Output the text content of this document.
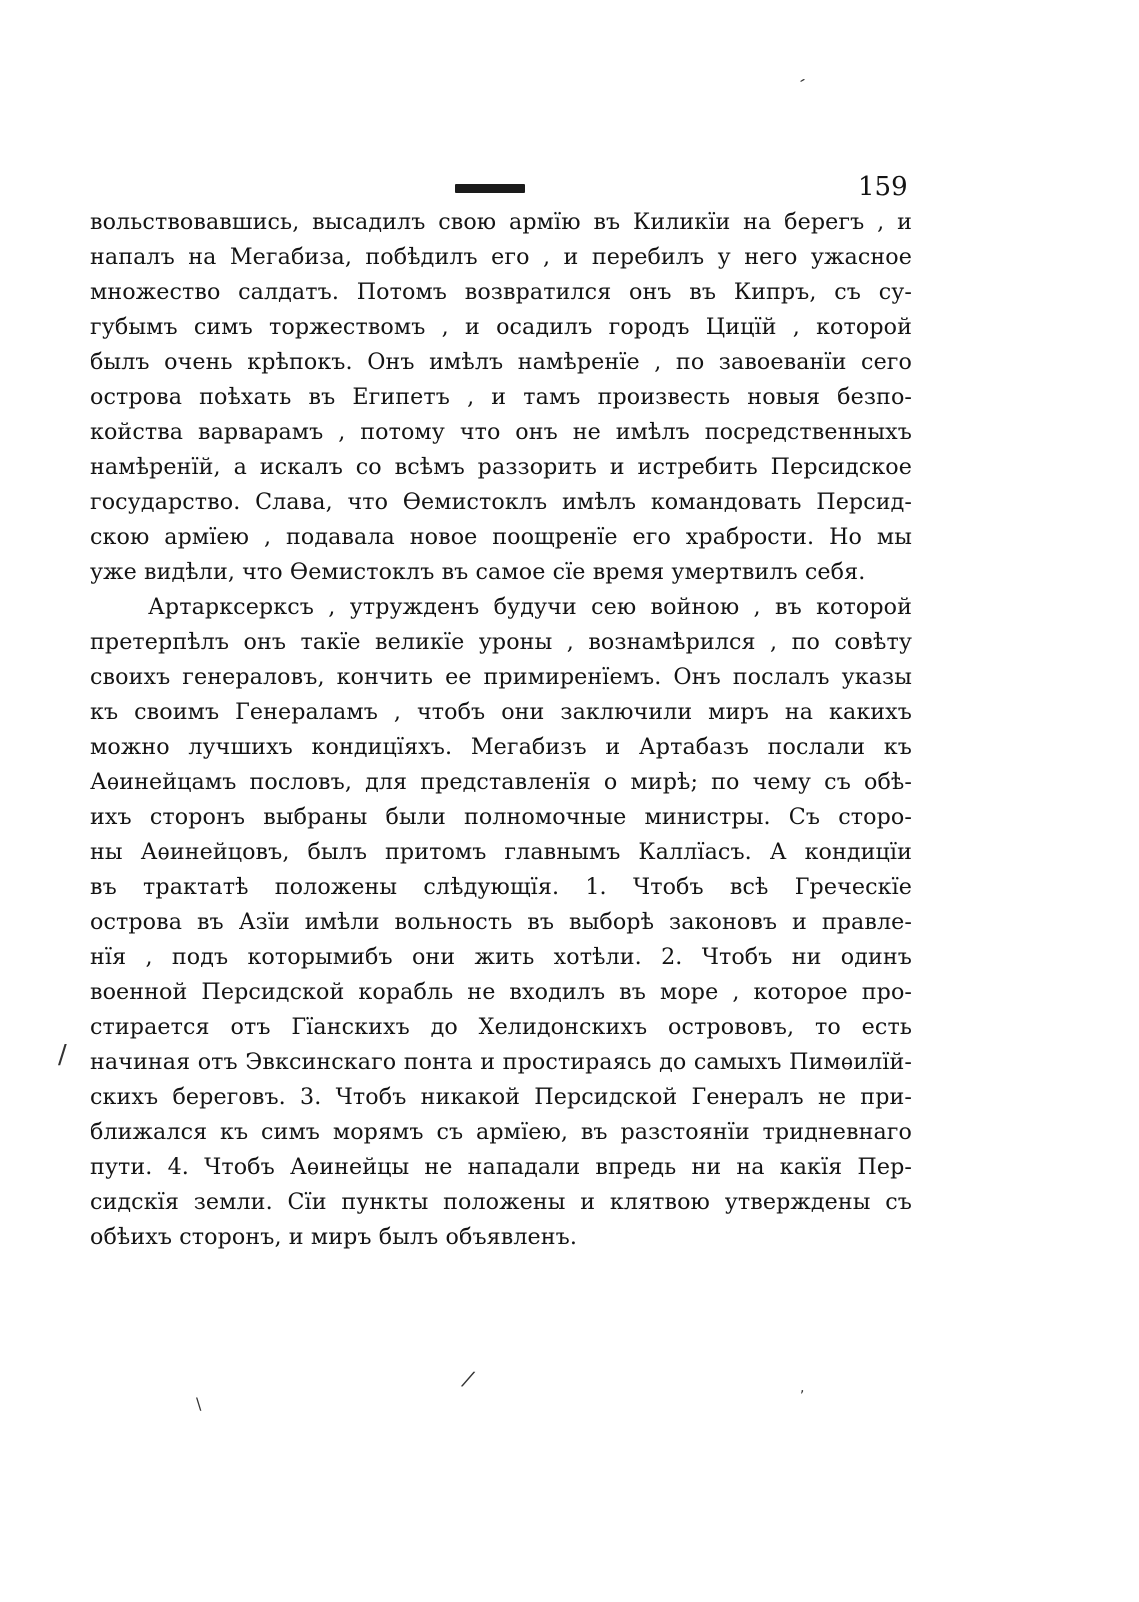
159
вольствовавшись, высадилъ свою армїю въ Киликїи на берегъ , и
напалъ на Мегабиза, побѣдилъ его , и перебилъ у него ужасное
множество салдатъ. Потомъ возвратился онъ въ Кипръ, съ су-
губымъ симъ торжествомъ , и осадилъ городъ Цицїй , которой
былъ очень крѣпокъ. Онъ имѣлъ намѣренїе , по завоеванїи сего
острова поѣхать въ Египетъ , и тамъ произвесть новыя безпо-
койства варварамъ , потому что онъ не имѣлъ посредственныхъ
намѣренїй, а искалъ со всѣмъ раззорить и истребить Персидское
государство. Слава, что Ѳемистоклъ имѣлъ командовать Персид-
скою армїею , подавала новое поощренїе его храбрости. Но мы
уже видѣли, что Ѳемистоклъ въ самое сїе время умертвилъ себя.
Артарксерксъ , утружденъ будучи сею войною , въ которой
претерпѣлъ онъ такїе великїе уроны , вознамѣрился , по совѣту
своихъ генераловъ, кончить ее примиренїемъ. Онъ послалъ указы
къ своимъ Генераламъ , чтобъ они заключили миръ на какихъ
можно лучшихъ кондицїяхъ. Мегабизъ и Артабазъ послали къ
Аѳинейцамъ пословъ, для представленїя о мирѣ; по чему съ обѣ-
ихъ сторонъ выбраны были полномочные министры. Съ сторо-
ны Аѳинейцовъ, былъ притомъ главнымъ Каллїасъ. А кондицїи
въ трактатѣ положены слѣдующїя. 1. Чтобъ всѣ Греческїе
острова въ Азїи имѣли вольность въ выборѣ законовъ и правле-
нїя , подъ которымибъ они жить хотѣли. 2. Чтобъ ни одинъ
военной Персидской корабль не входилъ въ море , которое про-
стирается отъ Гїанскихъ до Хелидонскихъ острововъ, то есть
начиная отъ Эвксинскаго понта и простираясь до самыхъ Пимѳилїй-
скихъ береговъ. 3. Чтобъ никакой Персидской Генералъ не при-
ближался къ симъ морямъ съ армїею, въ разстоянїи тридневнаго
пути. 4. Чтобъ Аѳинейцы не нападали впредь ни на какїя Пер-
сидскїя земли. Сїи пункты положены и клятвою утверждены съ
обѣихъ сторонъ, и миръ былъ объявленъ.
ˏ
/
⁄
\
,
